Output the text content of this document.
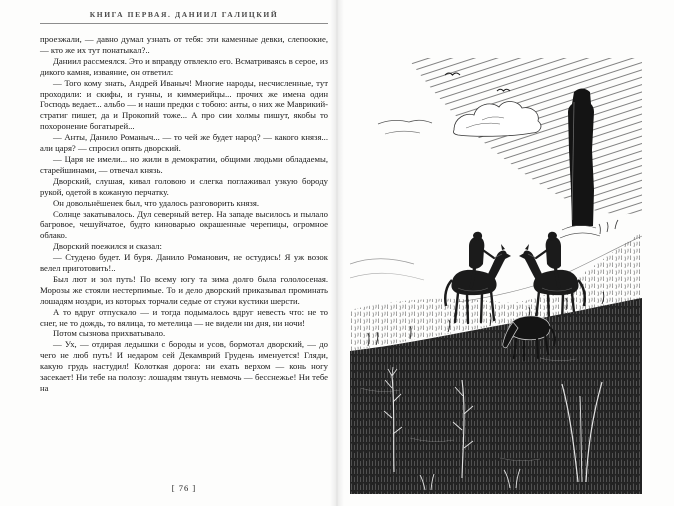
КНИГА ПЕРВАЯ. ДАНИИЛ ГАЛИЦКИЙ

проезжали, — давно думал узнать от тебя: эти каменные девки, слепоокие, — кто же их тут понатыкал?..

Даниил рассмеялся. Это и вправду отвлекло его. Всматриваясь в серое, из дикого камня, изваяние, он ответил:

— Того кому знать, Андрей Иваныч! Многие народы, несчисленные, тут проходили: и скифы, и гунны, и киммерийцы... прочих же имена один Господь ведает... альбо — и наши предки с тобою: анты, о них же Маврикий-стратиг пишет, да и Прокопий тоже... А про сии холмы пишут, якобы то похоронение богатырей...

— Анты, Данило Романыч... — то чей же будет народ? — какого князя... али царя? — спросил опять дворский.

— Царя не имели... но жили в демократии, общими людьми обладаемы, старейшинами, — отвечал князь.

Дворский, слушая, кивал головою и слегка поглаживал узкую бороду рукой, одетой в кожаную перчатку.

Он довольнёшенек был, что удалось разговорить князя.

Солнце закатывалось. Дул северный ветер. На западе высилось и пылало багровое, чешуйчатое, будто киноварью окрашенные черепицы, огромное облако.

Дворский поежился и сказал:

— Студено будет. И буря. Данило Романович, не остудись! Я уж возок велел приготовить!..

Был лют и зол путь! По всему югу та зима долго была гололосеная. Морозы же стояли нестерпимые. То и дело дворский приказывал проминать лошадям ноздри, из которых торчали седые от стужи кустики шерсти.

А то вдруг отпускало — и тогда подымалось вдруг невесть что: не то снег, не то дождь, то вялица, то метелица — не видели ни дня, ни ночи!

Потом сызнова прихватывало.

— Ух, — отдирая ледышки с бороды и усов, бормотал дворский, — до чего не люб путь! И недаром сей Декамврий Грудень именуется! Гляди, какую грудь настудил! Колоткая дорога: ни ехать верхом — конь ногу засекает! Ни тебе на полозу: лошадям тянуть невмочь — бесснежье! Ни тебе на

[ 76 ]
